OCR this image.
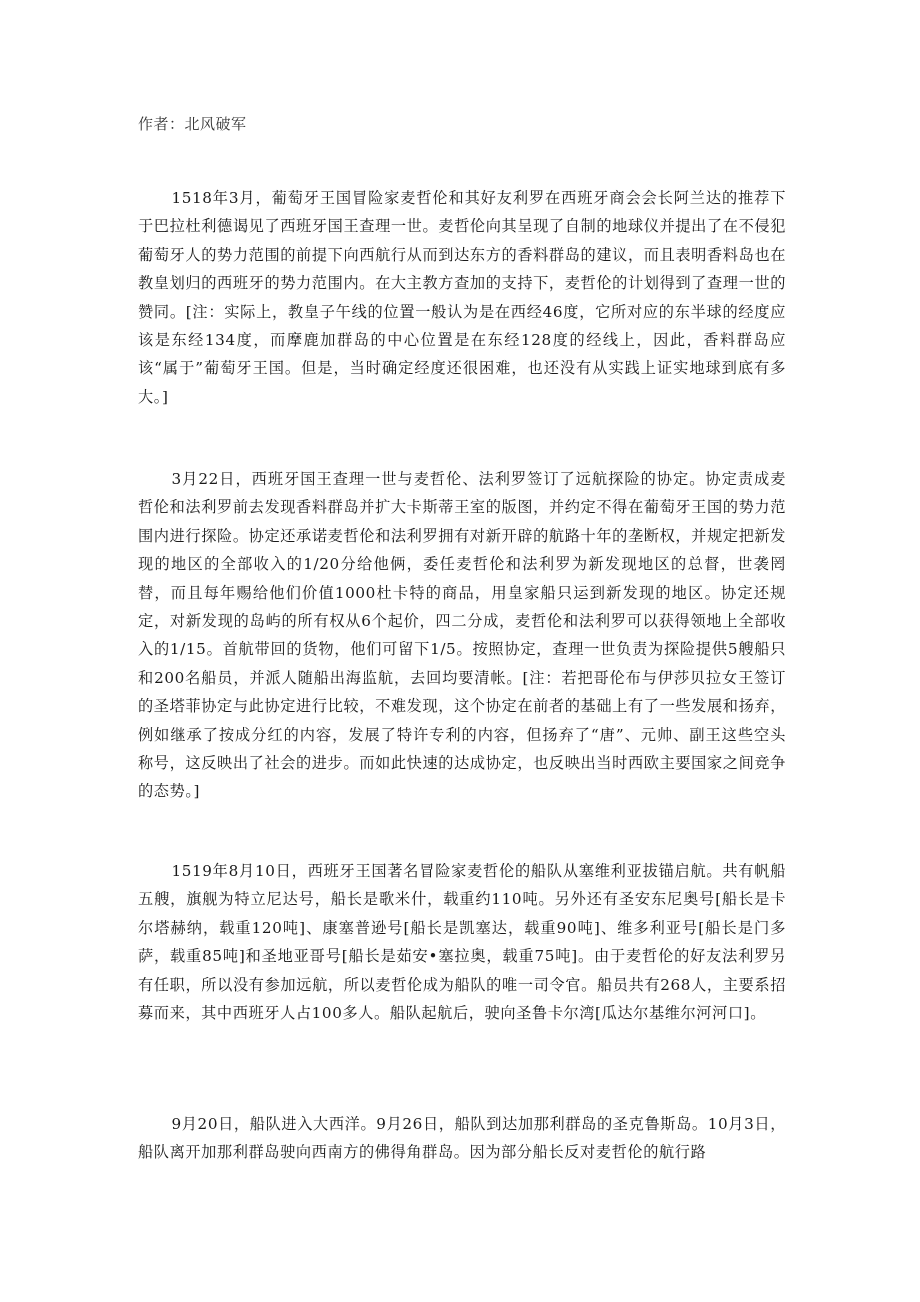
作者：北风破军

1518年3月，葡萄牙王国冒险家麦哲伦和其好友利罗在西班牙商会会长阿兰达的推荐下于巴拉杜利德谒见了西班牙国王查理一世。麦哲伦向其呈现了自制的地球仪并提出了在不侵犯葡萄牙人的势力范围的前提下向西航行从而到达东方的香料群岛的建议，而且表明香料岛也在教皇划归的西班牙的势力范围内。在大主教方查加的支持下，麦哲伦的计划得到了查理一世的赞同。[注：实际上，教皇子午线的位置一般认为是在西经46度，它所对应的东半球的经度应该是东经134度，而摩鹿加群岛的中心位置是在东经128度的经线上，因此，香料群岛应该“属于”葡萄牙王国。但是，当时确定经度还很困难，也还没有从实践上证实地球到底有多大。]

3月22日，西班牙国王查理一世与麦哲伦、法利罗签订了远航探险的协定。协定责成麦哲伦和法利罗前去发现香料群岛并扩大卡斯蒂王室的版图，并约定不得在葡萄牙王国的势力范围内进行探险。协定还承诺麦哲伦和法利罗拥有对新开辟的航路十年的垄断权，并规定把新发现的地区的全部收入的1/20分给他俩，委任麦哲伦和法利罗为新发现地区的总督，世袭罔替，而且每年赐给他们价值1000杜卡特的商品，用皇家船只运到新发现的地区。协定还规定，对新发现的岛屿的所有权从6个起价，四二分成，麦哲伦和法利罗可以获得领地上全部收入的1/15。首航带回的货物，他们可留下1/5。按照协定，查理一世负责为探险提供5艘船只和200名船员，并派人随船出海监航，去回均要清帐。[注：若把哥伦布与伊莎贝拉女王签订的圣塔菲协定与此协定进行比较，不难发现，这个协定在前者的基础上有了一些发展和扬弃，例如继承了按成分红的内容，发展了特许专利的内容，但扬弃了“唐”、元帅、副王这些空头称号，这反映出了社会的进步。而如此快速的达成协定，也反映出当时西欧主要国家之间竞争的态势。]

1519年8月10日，西班牙王国著名冒险家麦哲伦的船队从塞维利亚拔锚启航。共有帆船五艘，旗舰为特立尼达号，船长是歌米什，载重约110吨。另外还有圣安东尼奥号[船长是卡尔塔赫纳，载重120吨]、康塞普逊号[船长是凯塞达，载重90吨]、维多利亚号[船长是门多萨，载重85吨]和圣地亚哥号[船长是茹安•塞拉奥，载重75吨]。由于麦哲伦的好友法利罗另有任职，所以没有参加远航，所以麦哲伦成为船队的唯一司令官。船员共有268人，主要系招募而来，其中西班牙人占100多人。船队起航后，驶向圣鲁卡尔湾[瓜达尔基维尔河河口]。

9月20日，船队进入大西洋。9月26日，船队到达加那利群岛的圣克鲁斯岛。10月3日，船队离开加那利群岛驶向西南方的佛得角群岛。因为部分船长反对麦哲伦的航行路
